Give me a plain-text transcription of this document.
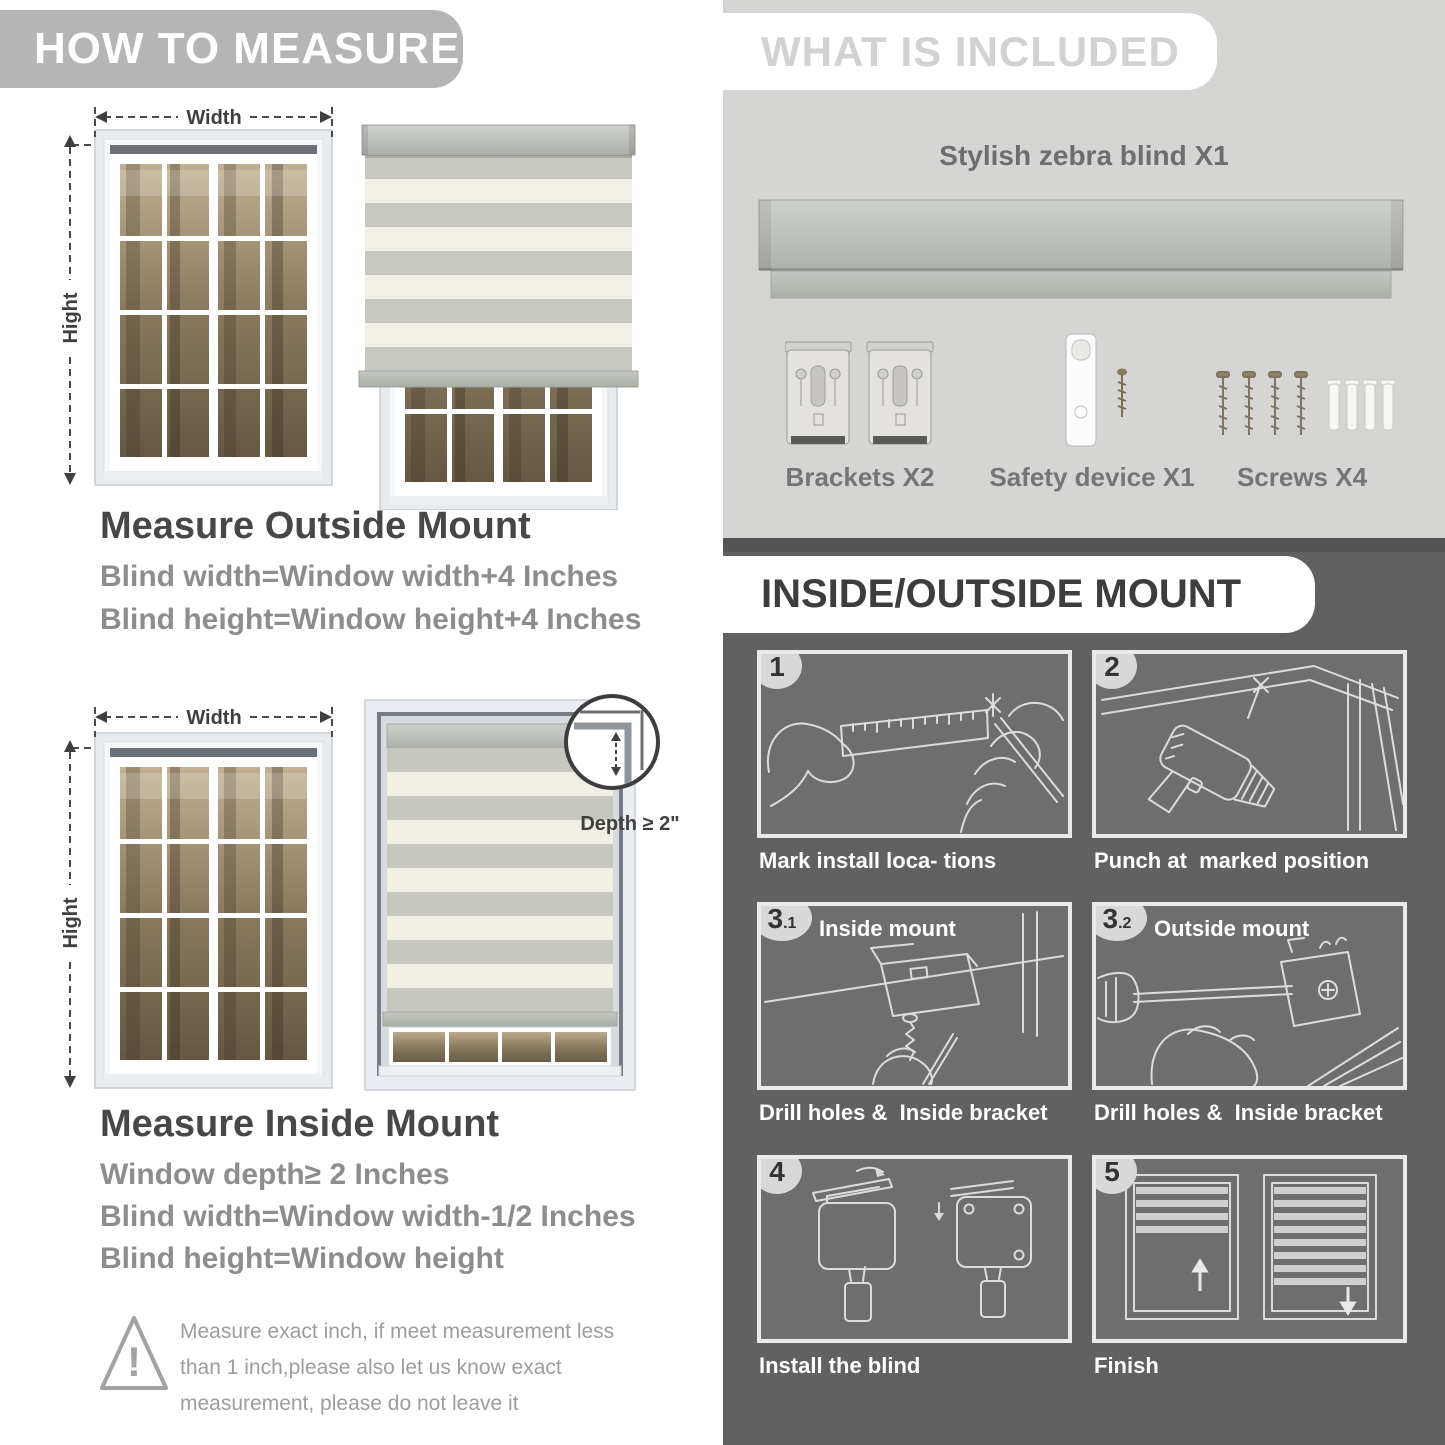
HOW TO MEASURE	WHAT IS INCLUDED
INSIDE/OUTSIDE MOUNT
Width
Hight
Measure Outside Mount
Blind width=Window width+4 Inches
Blind height=Window height+4 Inches
Depth ≥ 2"
Width
Hight
Measure Inside Mount
Window depth≥ 2 Inches
Blind width=Window width-1/2 Inches
Blind height=Window height
!
Measure exact inch, if meet measurement less
than 1 inch,please also let us know exact
measurement, please do not leave it
Stylish zebra blind X1
Brackets X2	Safety device X1	Screws X4
1
Mark install loca- tions
2
Punch at  marked position
3.1	Inside mount
Drill holes &  Inside bracket
3.2	Outside mount
Drill holes &  Inside bracket
4
Install the blind
5
Finish
